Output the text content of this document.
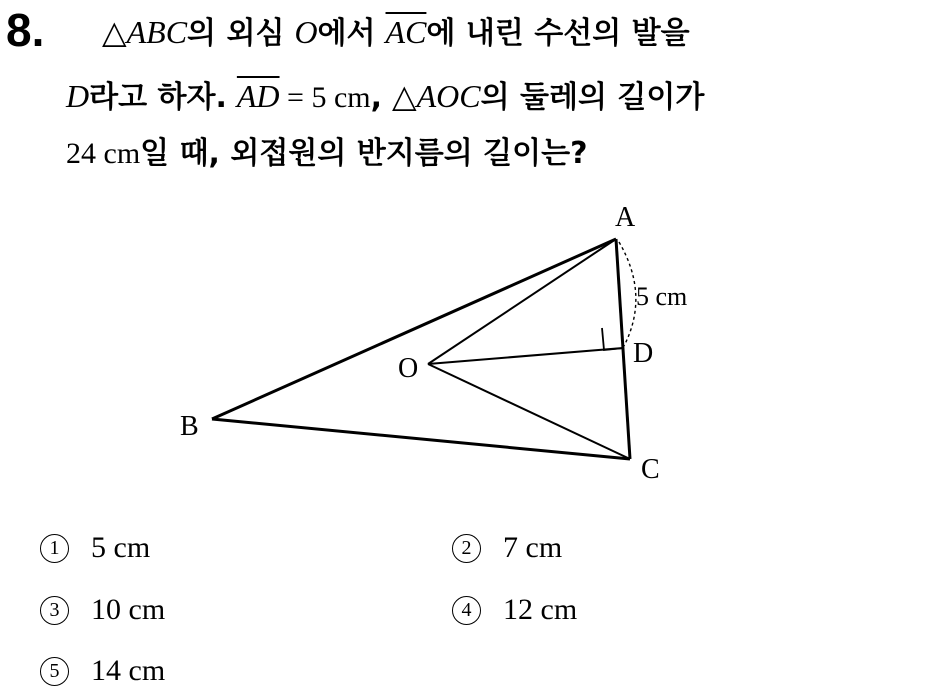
8. △ABC의 외심 O에서 $\overline{AC}$에 내린 수선의 발을
D라고 하자. $\overline{AD} = 5$ cm, △AOC의 둘레의 길이가
24 cm일 때, 외접원의 반지름의 길이는?
A
B
C
O	D
5 cm
1 5 cm	2 7 cm
3 10 cm	4 12 cm
5 14 cm
